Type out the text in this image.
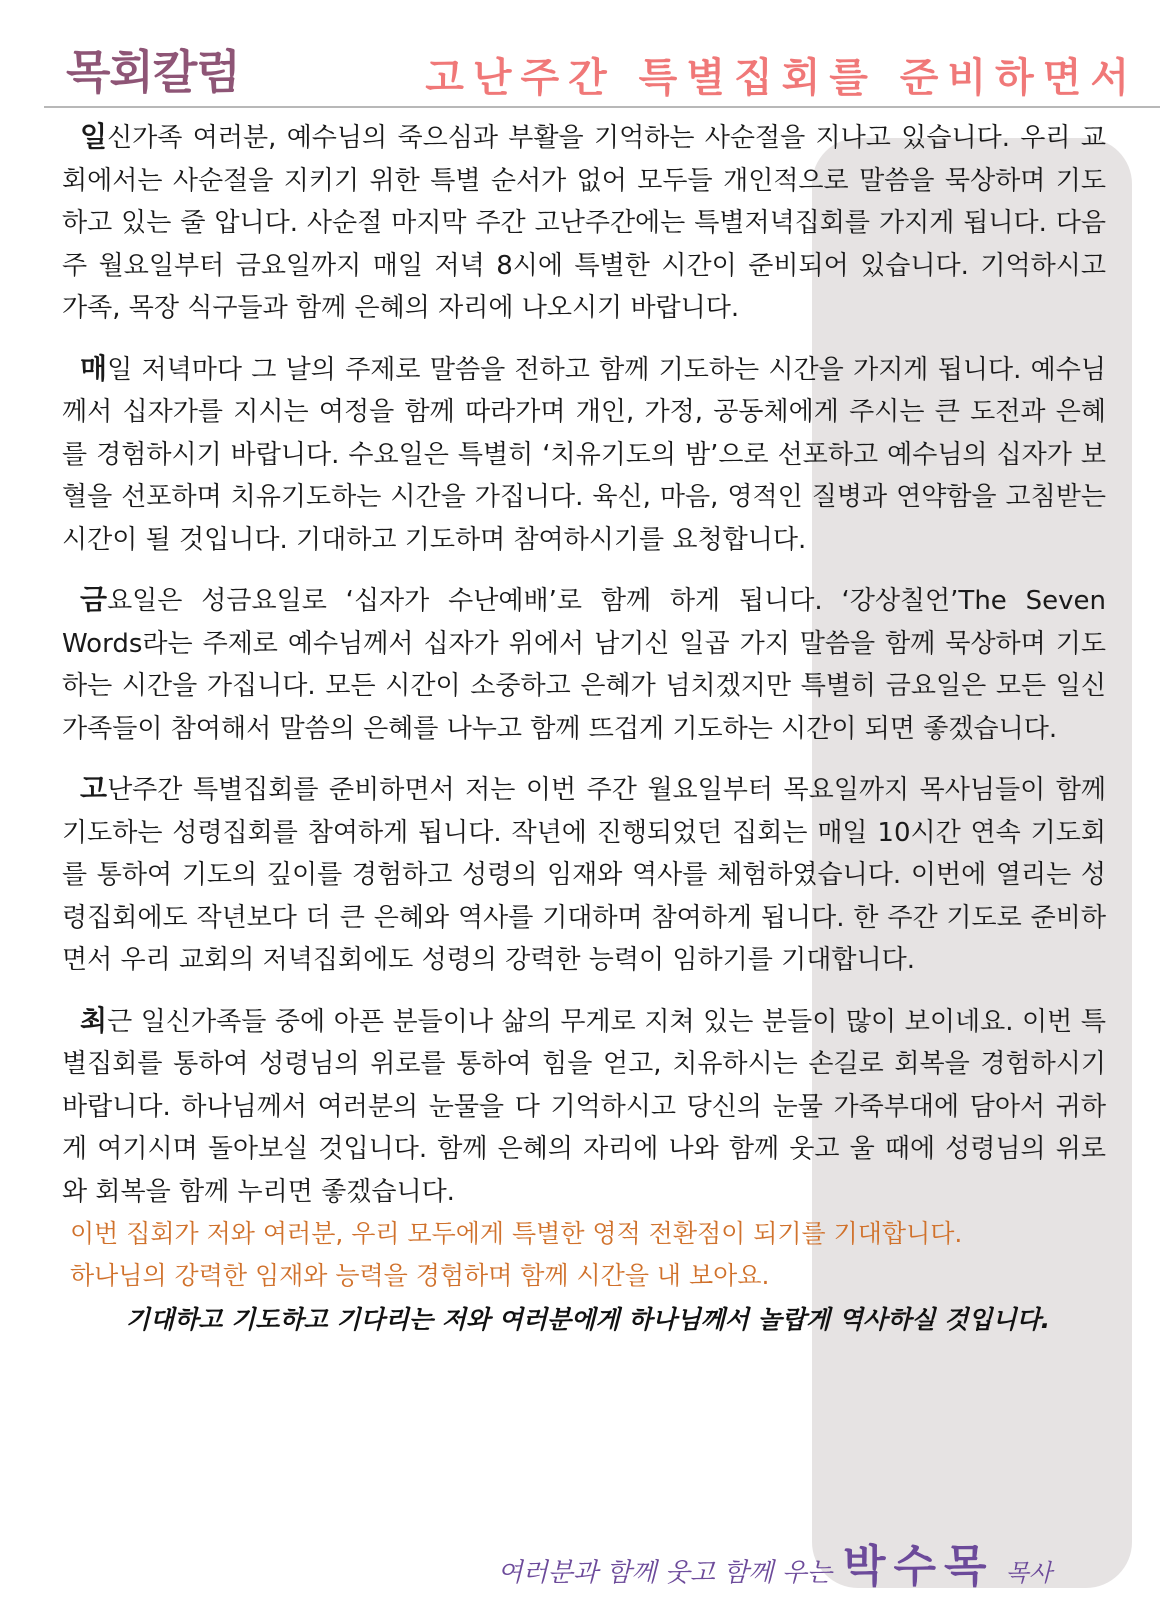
목회칼럼	고난주간 특별집회를 준비하면서

일신가족 여러분, 예수님의 죽으심과 부활을 기억하는 사순절을 지나고 있습니다. 우리 교회에서는 사순절을 지키기 위한 특별 순서가 없어 모두들 개인적으로 말씀을 묵상하며 기도하고 있는 줄 압니다. 사순절 마지막 주간 고난주간에는 특별저녁집회를 가지게 됩니다. 다음주 월요일부터 금요일까지 매일 저녁 8시에 특별한 시간이 준비되어 있습니다. 기억하시고 가족, 목장 식구들과 함께 은혜의 자리에 나오시기 바랍니다.

매일 저녁마다 그 날의 주제로 말씀을 전하고 함께 기도하는 시간을 가지게 됩니다. 예수님께서 십자가를 지시는 여정을 함께 따라가며 개인, 가정, 공동체에게 주시는 큰 도전과 은혜를 경험하시기 바랍니다. 수요일은 특별히 ‘치유기도의 밤’으로 선포하고 예수님의 십자가 보혈을 선포하며 치유기도하는 시간을 가집니다. 육신, 마음, 영적인 질병과 연약함을 고침받는 시간이 될 것입니다. 기대하고 기도하며 참여하시기를 요청합니다.

금요일은 성금요일로 ‘십자가 수난예배’로 함께 하게 됩니다. ‘강상칠언’The Seven Words라는 주제로 예수님께서 십자가 위에서 남기신 일곱 가지 말씀을 함께 묵상하며 기도하는 시간을 가집니다. 모든 시간이 소중하고 은혜가 넘치겠지만 특별히 금요일은 모든 일신가족들이 참여해서 말씀의 은혜를 나누고 함께 뜨겁게 기도하는 시간이 되면 좋겠습니다.

고난주간 특별집회를 준비하면서 저는 이번 주간 월요일부터 목요일까지 목사님들이 함께 기도하는 성령집회를 참여하게 됩니다. 작년에 진행되었던 집회는 매일 10시간 연속 기도회를 통하여 기도의 깊이를 경험하고 성령의 임재와 역사를 체험하였습니다. 이번에 열리는 성령집회에도 작년보다 더 큰 은혜와 역사를 기대하며 참여하게 됩니다. 한 주간 기도로 준비하면서 우리 교회의 저녁집회에도 성령의 강력한 능력이 임하기를 기대합니다.

최근 일신가족들 중에 아픈 분들이나 삶의 무게로 지쳐 있는 분들이 많이 보이네요. 이번 특별집회를 통하여 성령님의 위로를 통하여 힘을 얻고, 치유하시는 손길로 회복을 경험하시기 바랍니다. 하나님께서 여러분의 눈물을 다 기억하시고 당신의 눈물 가죽부대에 담아서 귀하게 여기시며 돌아보실 것입니다. 함께 은혜의 자리에 나와 함께 웃고 울 때에 성령님의 위로와 회복을 함께 누리면 좋겠습니다.

이번 집회가 저와 여러분, 우리 모두에게 특별한 영적 전환점이 되기를 기대합니다.
하나님의 강력한 임재와 능력을 경험하며 함께 시간을 내 보아요.
기대하고 기도하고 기다리는 저와 여러분에게 하나님께서 놀랍게 역사하실 것입니다.
여러분과 함께 웃고 함께 우는 박수목 목사
